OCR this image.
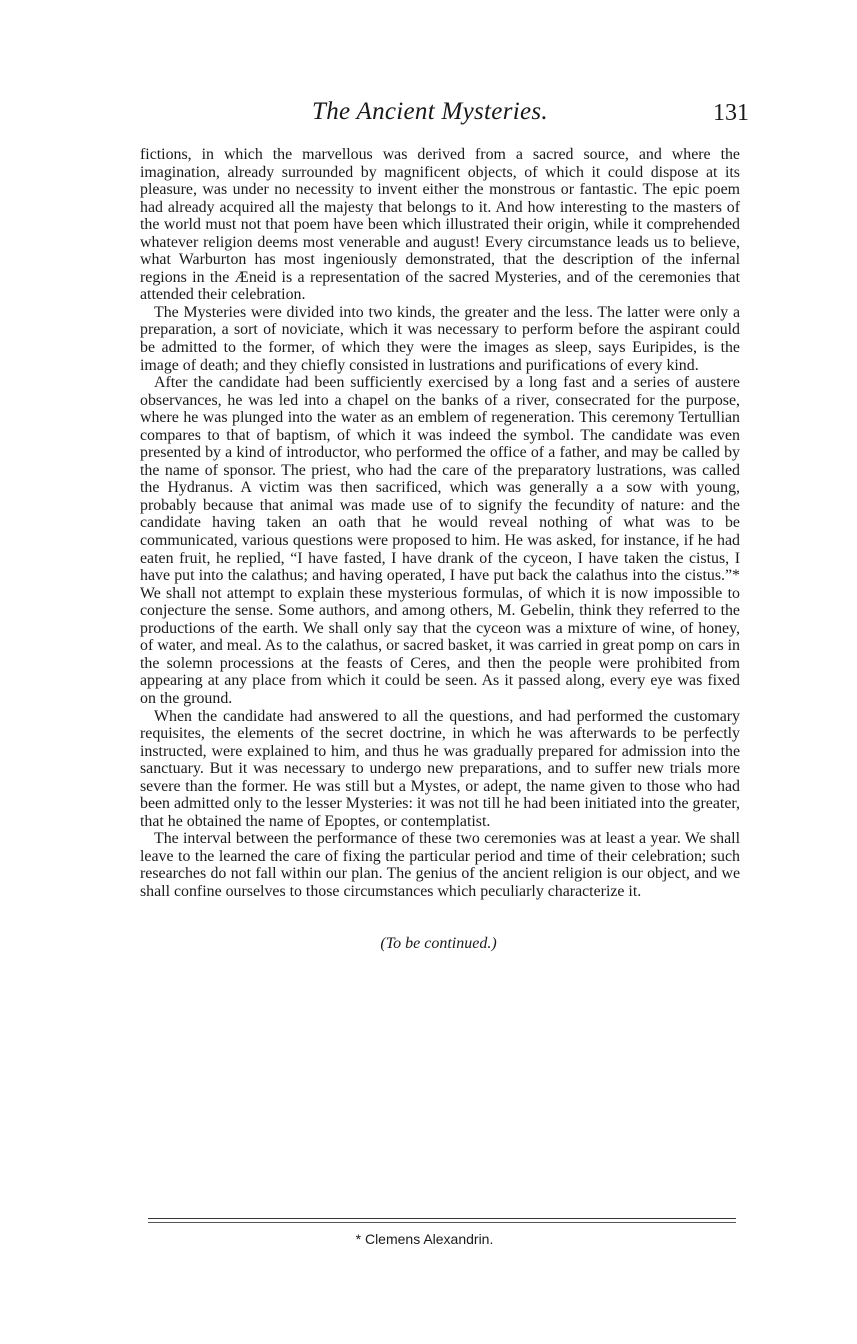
The Ancient Mysteries.	131

fictions, in which the marvellous was derived from a sacred source, and where the imagination, already surrounded by magnificent objects, of which it could dispose at its pleasure, was under no necessity to invent either the monstrous or fantastic. The epic poem had already acquired all the majesty that belongs to it. And how interesting to the masters of the world must not that poem have been which illustrated their origin, while it comprehended whatever religion deems most venerable and august! Every circumstance leads us to believe, what Warburton has most ingeniously demonstrated, that the description of the infernal regions in the Æneid is a representation of the sacred Mysteries, and of the ceremonies that attended their celebration.

The Mysteries were divided into two kinds, the greater and the less. The latter were only a preparation, a sort of noviciate, which it was necessary to perform before the aspirant could be admitted to the former, of which they were the images as sleep, says Euripides, is the image of death; and they chiefly consisted in lustrations and purifications of every kind.

After the candidate had been sufficiently exercised by a long fast and a series of austere observances, he was led into a chapel on the banks of a river, consecrated for the purpose, where he was plunged into the water as an emblem of regeneration. This ceremony Tertullian compares to that of baptism, of which it was indeed the symbol. The candidate was even presented by a kind of introductor, who performed the office of a father, and may be called by the name of sponsor. The priest, who had the care of the preparatory lustrations, was called the Hydranus. A victim was then sacrificed, which was generally a a sow with young, probably because that animal was made use of to signify the fecundity of nature: and the candidate having taken an oath that he would reveal nothing of what was to be communicated, various questions were proposed to him. He was asked, for instance, if he had eaten fruit, he replied, “I have fasted, I have drank of the cyceon, I have taken the cistus, I have put into the calathus; and having operated, I have put back the calathus into the cistus.”* We shall not attempt to explain these mysterious formulas, of which it is now impossible to conjecture the sense. Some authors, and among others, M. Gebelin, think they referred to the productions of the earth. We shall only say that the cyceon was a mixture of wine, of honey, of water, and meal. As to the calathus, or sacred basket, it was carried in great pomp on cars in the solemn processions at the feasts of Ceres, and then the people were prohibited from appearing at any place from which it could be seen. As it passed along, every eye was fixed on the ground.

When the candidate had answered to all the questions, and had performed the customary requisites, the elements of the secret doctrine, in which he was afterwards to be perfectly instructed, were explained to him, and thus he was gradually prepared for admission into the sanctuary. But it was necessary to undergo new preparations, and to suffer new trials more severe than the former. He was still but a Mystes, or adept, the name given to those who had been admitted only to the lesser Mysteries: it was not till he had been initiated into the greater, that he obtained the name of Epoptes, or contemplatist.

The interval between the performance of these two ceremonies was at least a year. We shall leave to the learned the care of fixing the particular period and time of their celebration; such researches do not fall within our plan. The genius of the ancient religion is our object, and we shall confine ourselves to those circumstances which peculiarly characterize it.

(To be continued.)
* Clemens Alexandrin.
